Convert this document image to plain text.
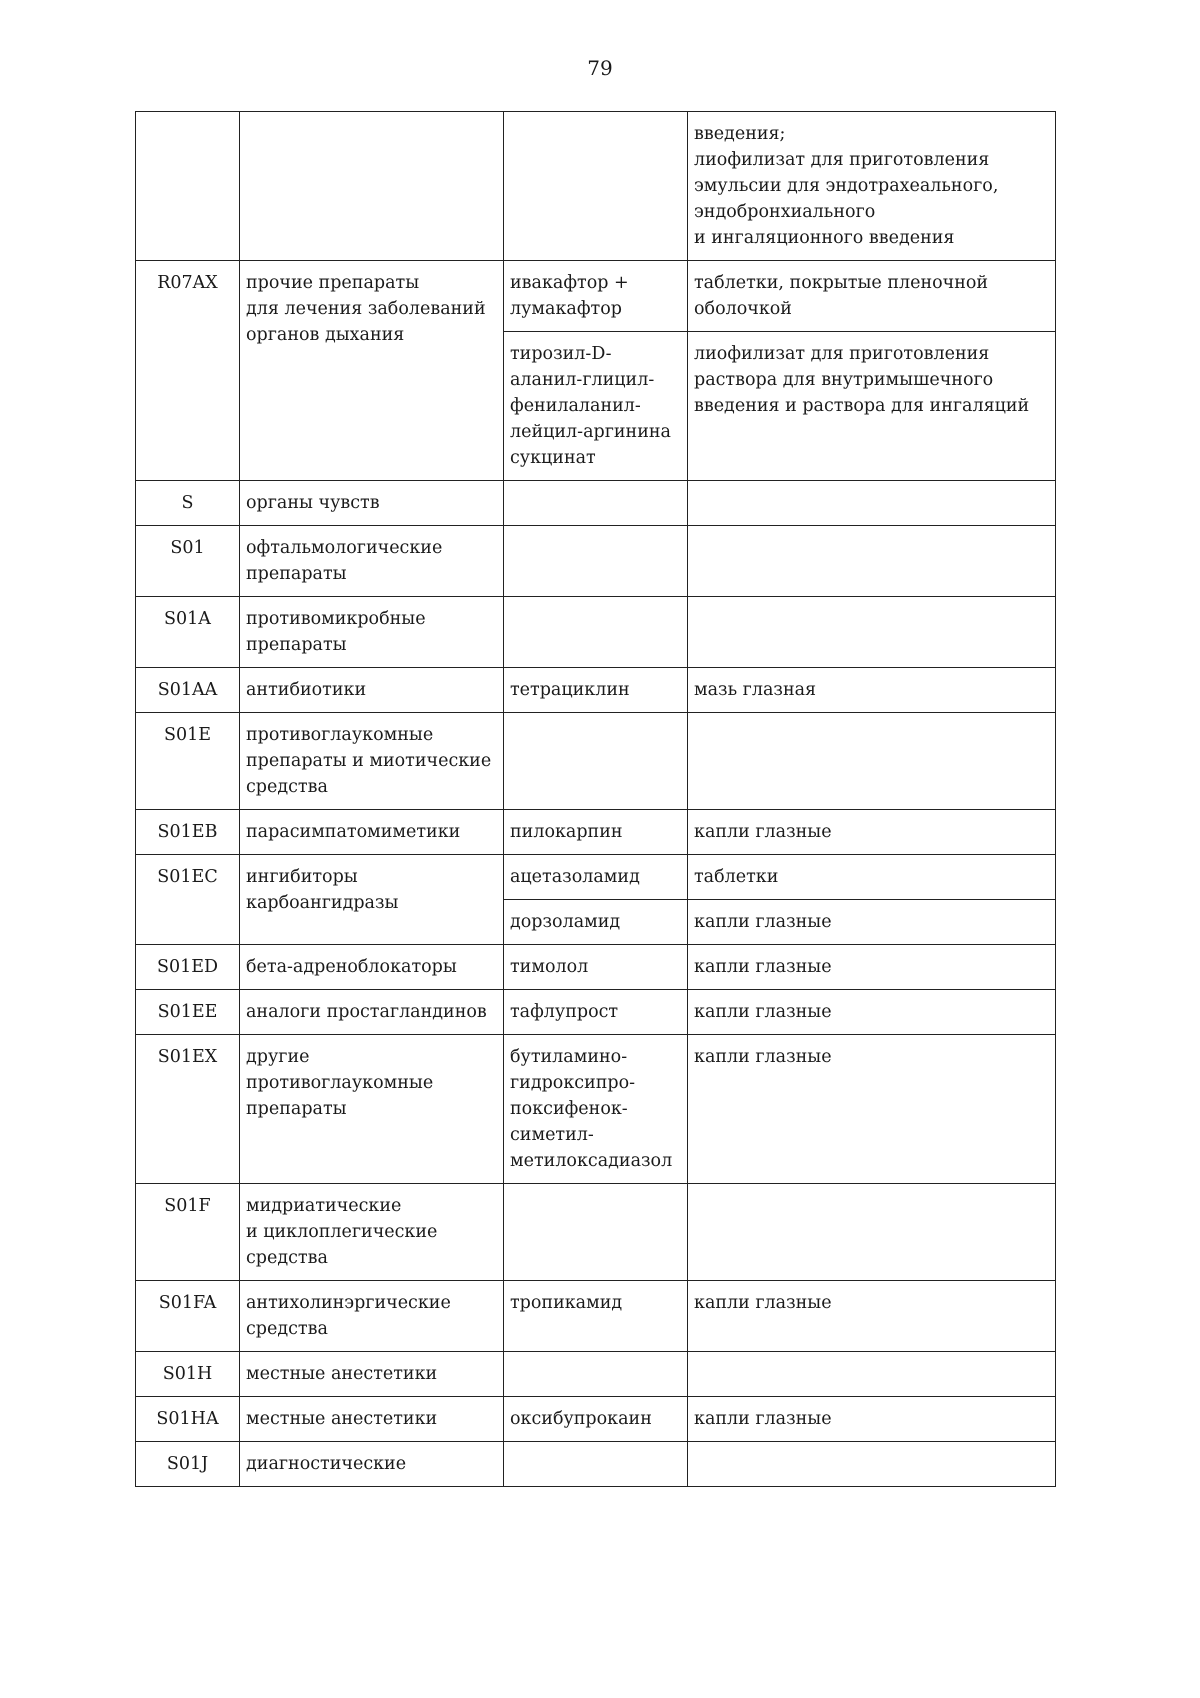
79
			введения;
лиофилизат для приготовления
эмульсии для эндотрахеального,
эндобронхиального
и ингаляционного введения
R07AX	прочие препараты
для лечения заболеваний
органов дыхания	ивакафтор +
лумакафтор	таблетки, покрытые пленочной
оболочкой
		тирозил-D-
аланил-глицил-
фенилаланил-
лейцил-аргинина
сукцинат	лиофилизат для приготовления
раствора для внутримышечного
введения и раствора для ингаляций
S	органы чувств		
S01	офтальмологические
препараты		
S01A	противомикробные
препараты		
S01AA	антибиотики	тетрациклин	мазь глазная
S01E	противоглаукомные
препараты и миотические
средства		
S01EB	парасимпатомиметики	пилокарпин	капли глазные
S01EC	ингибиторы
карбоангидразы	ацетазоламид	таблетки
		дорзоламид	капли глазные
S01ED	бета-адреноблокаторы	тимолол	капли глазные
S01EE	аналоги простагландинов	тафлупрост	капли глазные
S01EX	другие
противоглаукомные
препараты	бутиламино-
гидроксипро-
поксифенок-
симетил-
метилоксадиазол	капли глазные
S01F	мидриатические
и циклоплегические
средства		
S01FA	антихолинэргические
средства	тропикамид	капли глазные
S01H	местные анестетики		
S01HA	местные анестетики	оксибупрокаин	капли глазные
S01J	диагностические		
